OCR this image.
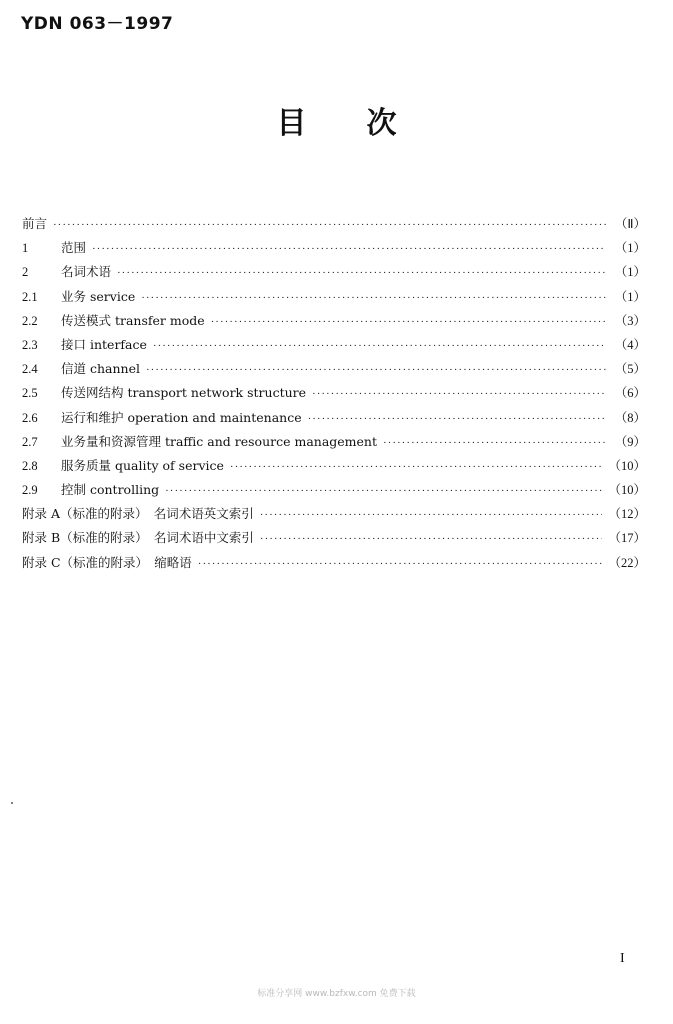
YDN 063－1997
目次
前言 ·····	（Ⅱ）
1	范围 ·····	（1）
2	名词术语 ·····	（1）
2.1	业务 service ·····	（1）
2.2	传送模式 transfer mode ·····	（3）
2.3	接口 interface ·····	（4）
2.4	信道 channel ·····	（5）
2.5	传送网结构 transport network structure ·····	（6）
2.6	运行和维护 operation and maintenance ·····	（8）
2.7	业务量和资源管理 traffic and resource management ·····	（9）
2.8	服务质量 quality of service ·····	（10）
2.9	控制 controlling ·····	（10）
附录 A（标准的附录）　名词术语英文索引 ·····	（12）
附录 B（标准的附录）　名词术语中文索引 ·····	（17）
附录 C（标准的附录）　缩略语 ·····	（22）
I
标准分享网 www.bzfxw.com 免费下载
